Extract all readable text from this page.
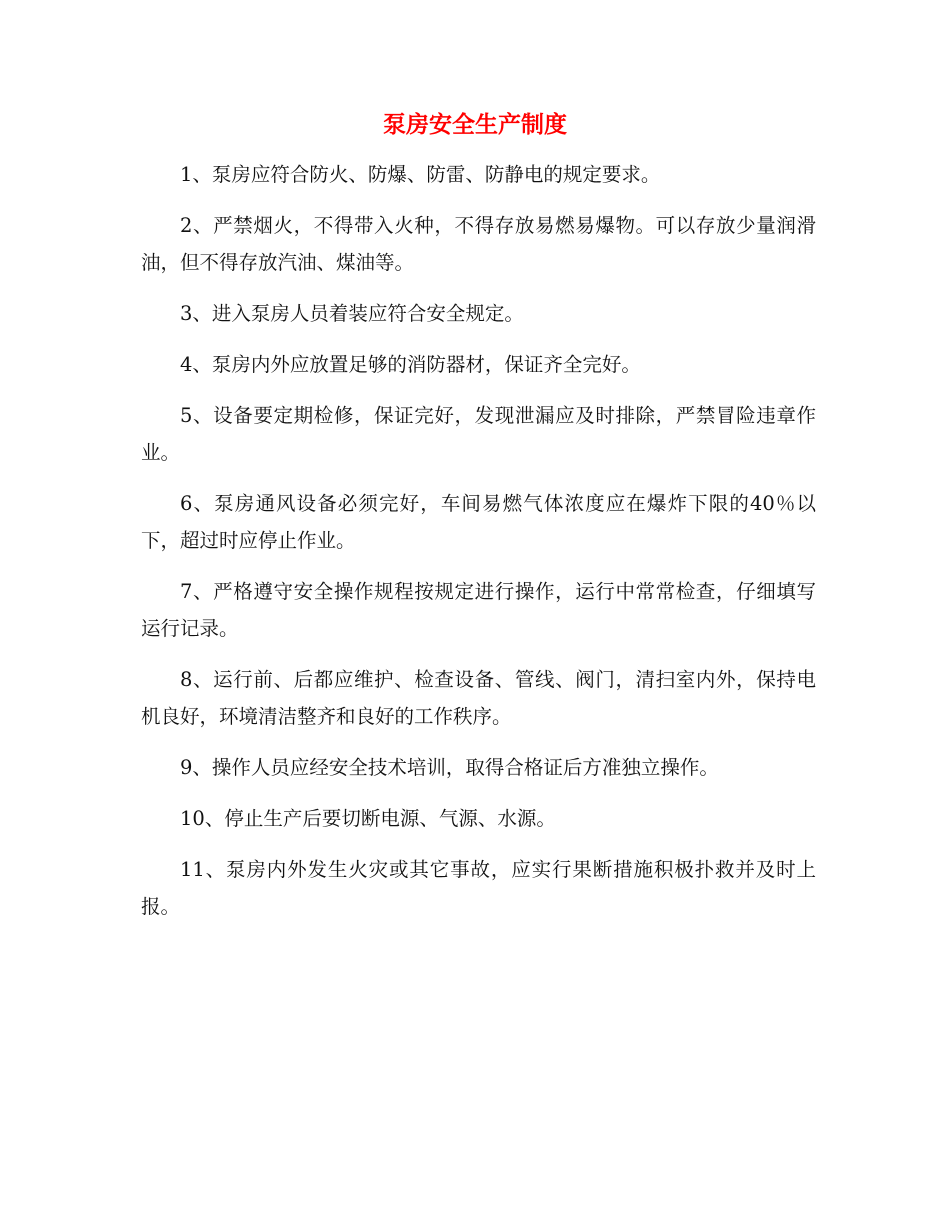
泵房安全生产制度

1、泵房应符合防火、防爆、防雷、防静电的规定要求。

2、严禁烟火，不得带入火种，不得存放易燃易爆物。可以存放少量润滑油，但不得存放汽油、煤油等。

3、进入泵房人员着装应符合安全规定。

4、泵房内外应放置足够的消防器材，保证齐全完好。

5、设备要定期检修，保证完好，发现泄漏应及时排除，严禁冒险违章作业。

6、泵房通风设备必须完好，车间易燃气体浓度应在爆炸下限的40％以下，超过时应停止作业。

7、严格遵守安全操作规程按规定进行操作，运行中常常检查，仔细填写运行记录。

8、运行前、后都应维护、检查设备、管线、阀门，清扫室内外，保持电机良好，环境清洁整齐和良好的工作秩序。

9、操作人员应经安全技术培训，取得合格证后方准独立操作。

10、停止生产后要切断电源、气源、水源。

11、泵房内外发生火灾或其它事故，应实行果断措施积极扑救并及时上报。
